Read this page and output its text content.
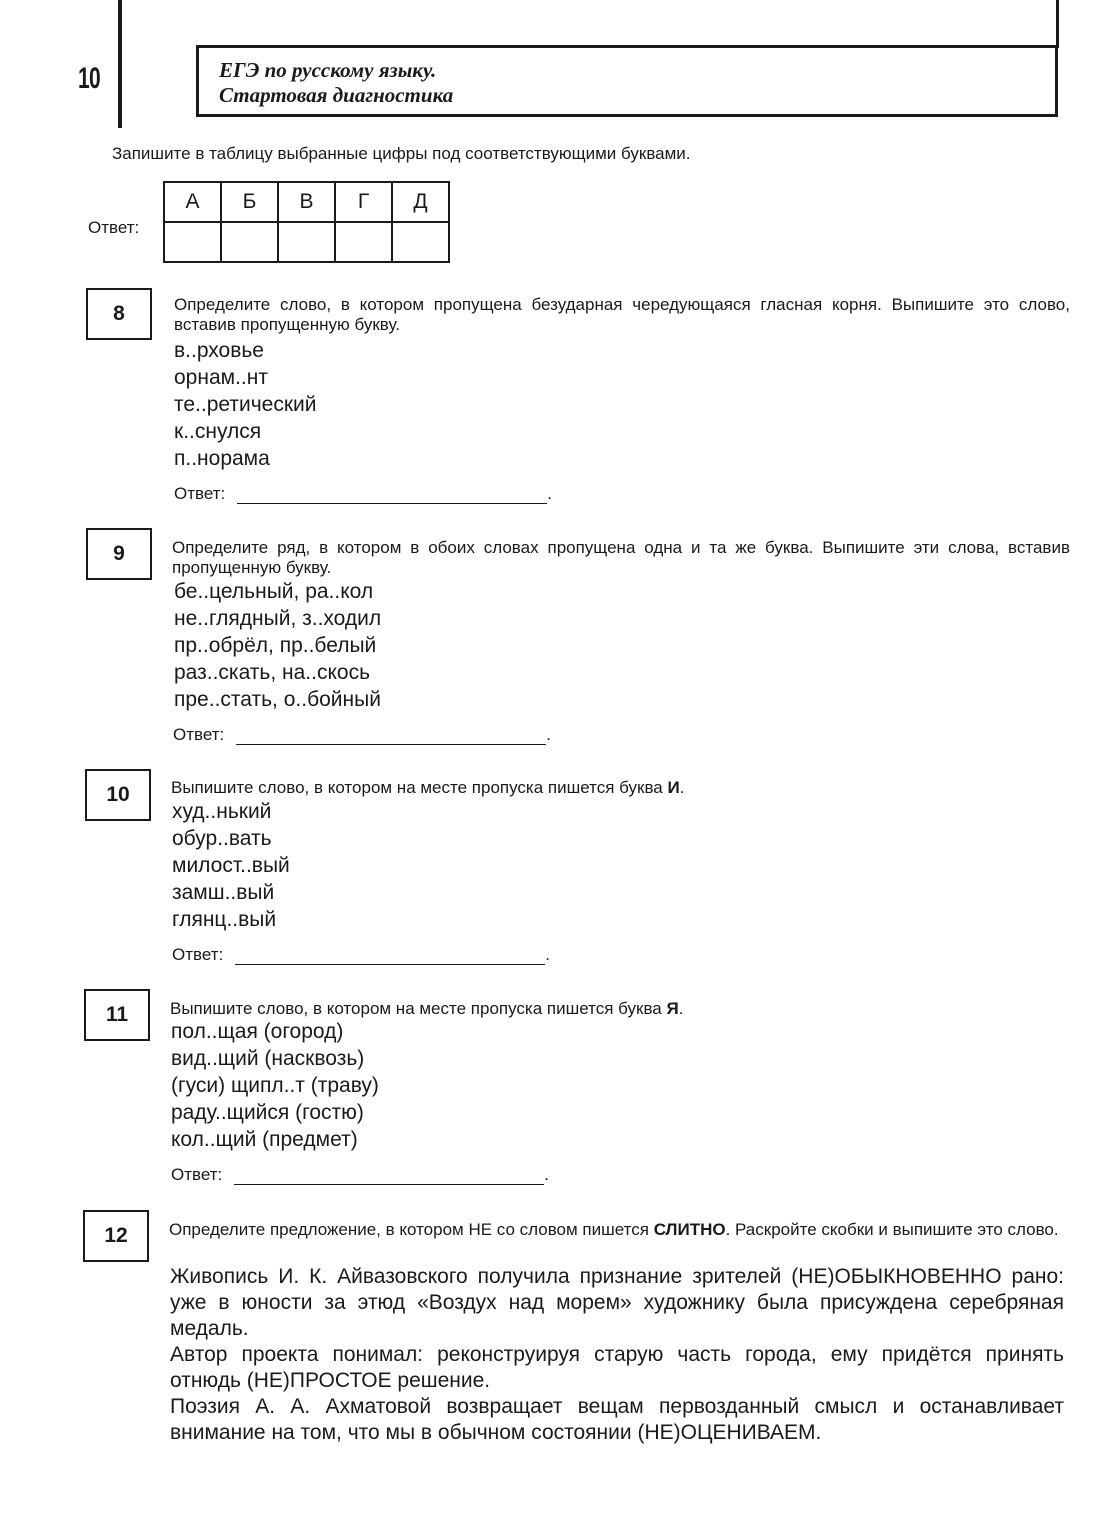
10	ЕГЭ по русскому языку.
Стартовая диагностика
Запишите в таблицу выбранные цифры под соответствующими буквами.
Ответ:
А	Б	В	Г	Д

8	Определите слово, в котором пропущена безударная чередующаяся гласная корня. Выпишите это слово, вставив пропущенную букву.
в..рховье
орнам..нт
те..ретический
к..снулся
п..норама
Ответ:	.
9	Определите ряд, в котором в обоих словах пропущена одна и та же буква. Выпишите эти слова, вставив пропущенную букву.
бе..цельный, ра..кол
не..глядный, з..ходил
пр..обрёл, пр..белый
раз..скать, на..скось
пре..стать, о..бойный
Ответ:	.
10	Выпишите слово, в котором на месте пропуска пишется буква И.
худ..нький
обур..вать
милост..вый
замш..вый
глянц..вый
Ответ:	.
11	Выпишите слово, в котором на месте пропуска пишется буква Я.
пол..щая (огород)
вид..щий (насквозь)
(гуси) щипл..т (траву)
раду..щийся (гостю)
кол..щий (предмет)
Ответ:	.
12	Определите предложение, в котором НЕ со словом пишется СЛИТНО. Раскройте скобки и выпишите это слово.

Живопись И. К. Айвазовского получила признание зрителей (НЕ)ОБЫКНОВЕННО рано: уже в юности за этюд «Воздух над морем» художнику была присуждена серебряная медаль.

Автор проекта понимал: реконструируя старую часть города, ему придётся принять отнюдь (НЕ)ПРОСТОЕ решение.

Поэзия А. А. Ахматовой возвращает вещам первозданный смысл и останавливает внимание на том, что мы в обычном состоянии (НЕ)ОЦЕНИВАЕМ.
